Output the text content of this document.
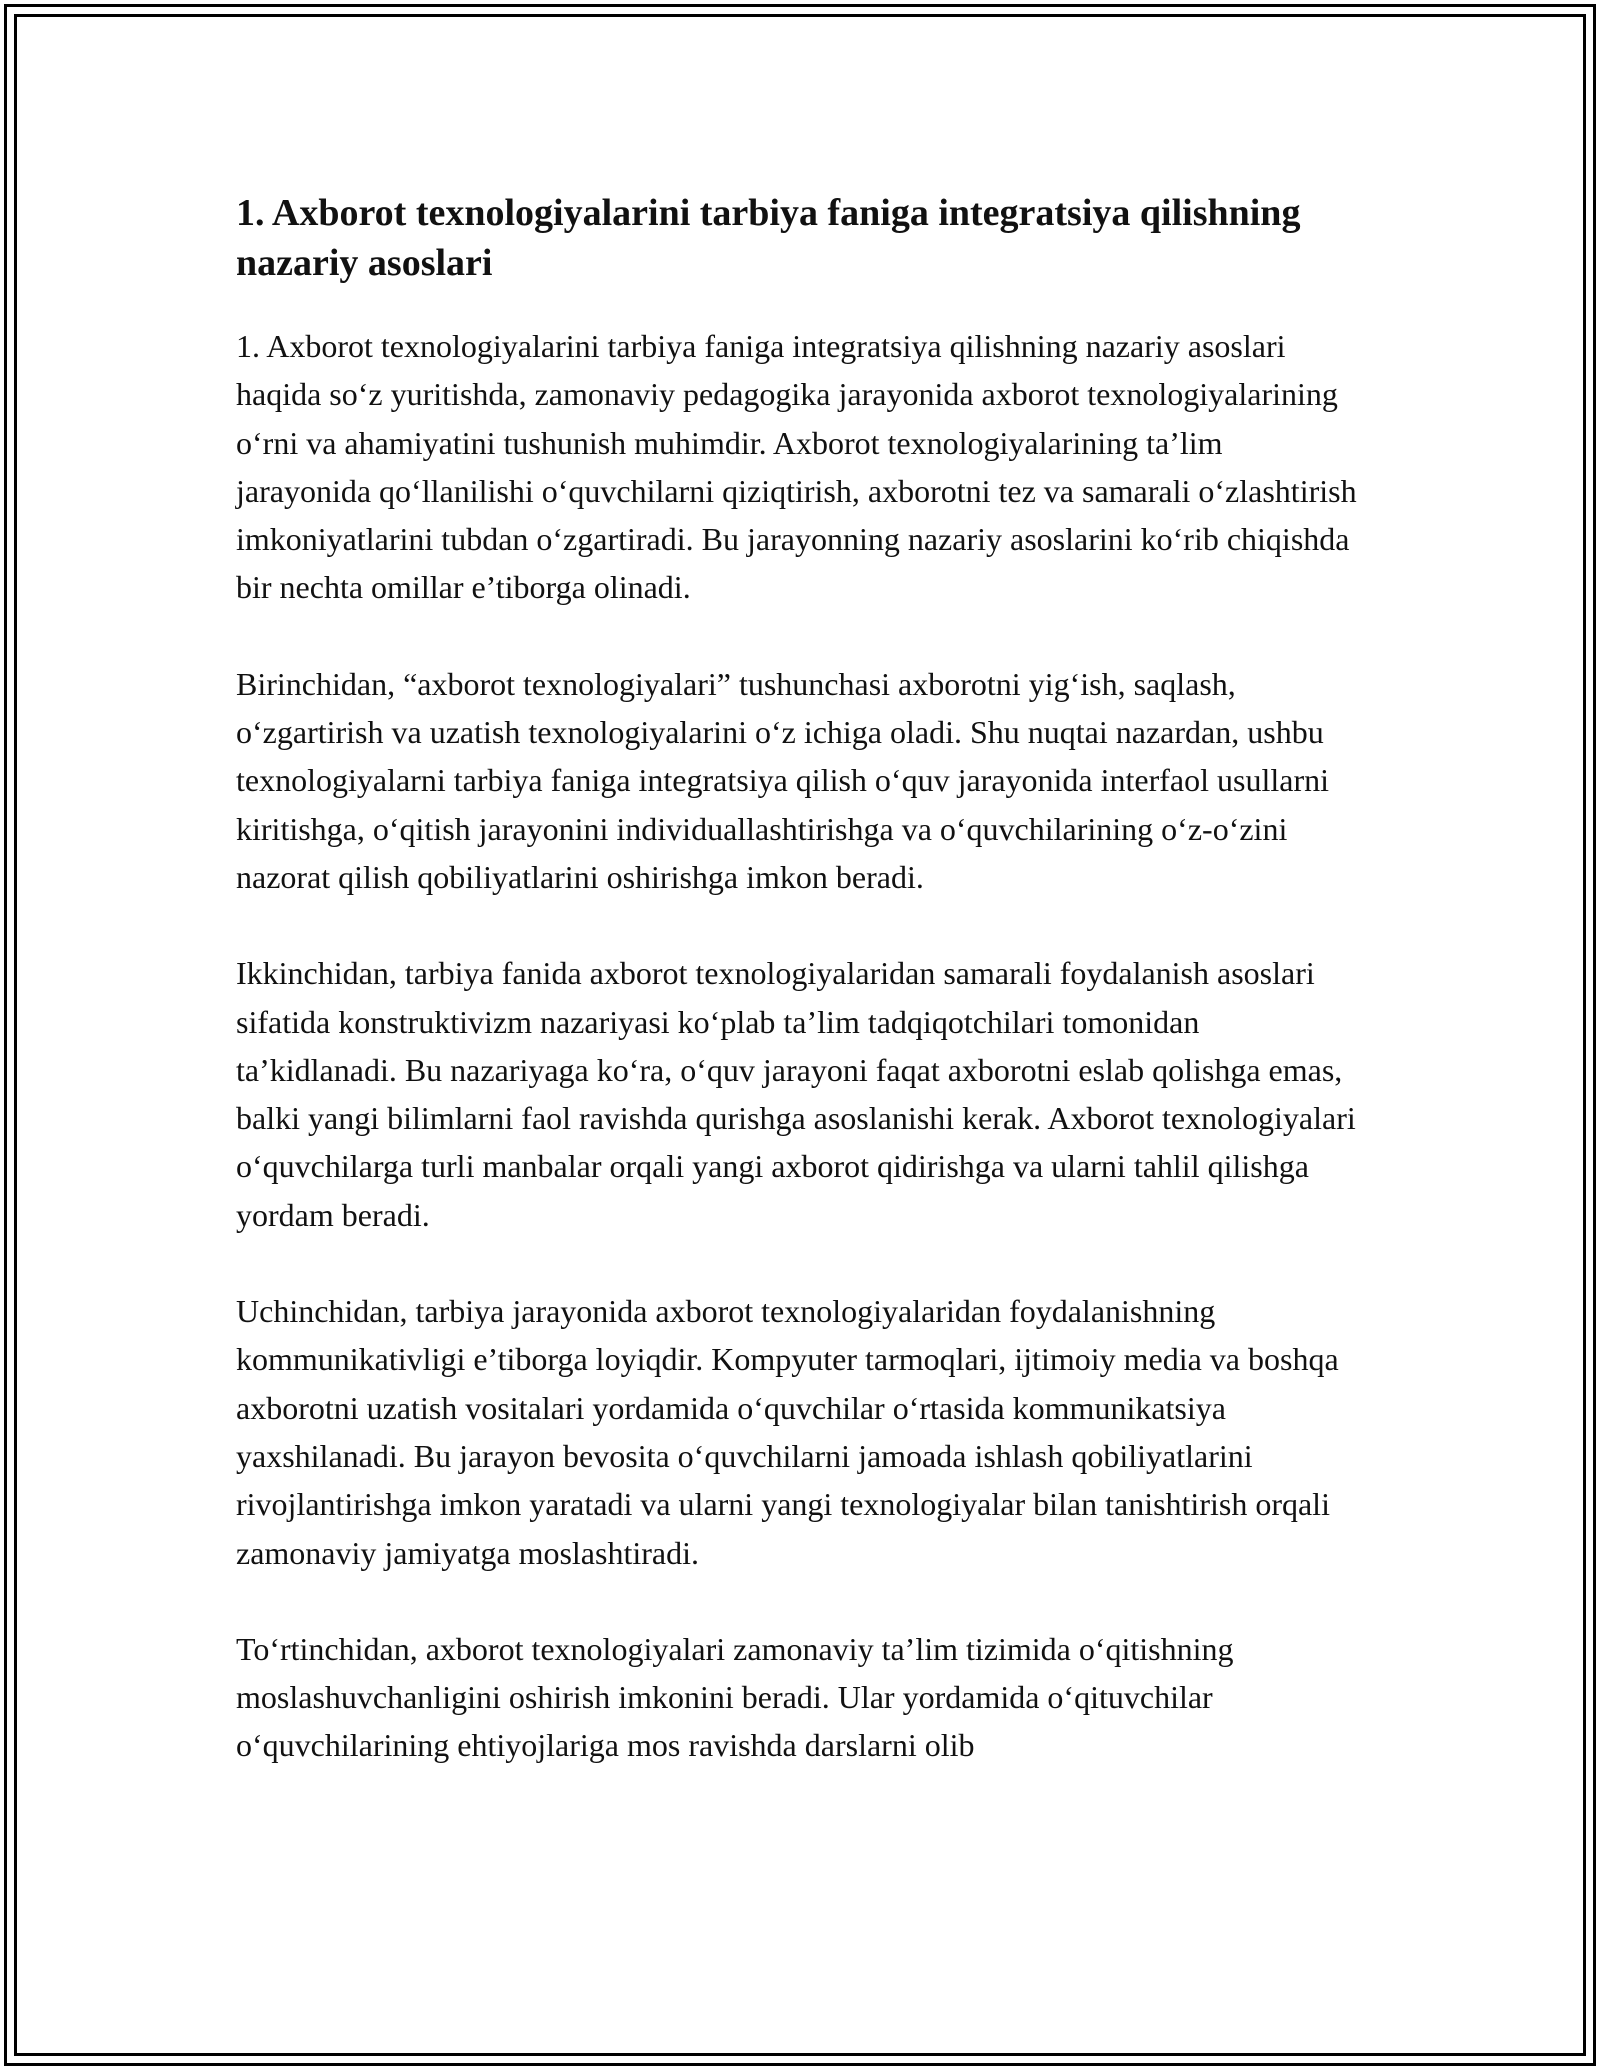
1. Axborot texnologiyalarini tarbiya faniga integratsiya qilishning nazariy asoslari

1. Axborot texnologiyalarini tarbiya faniga integratsiya qilishning nazariy asoslari haqida so‘z yuritishda, zamonaviy pedagogika jarayonida axborot texnologiyalarining o‘rni va ahamiyatini tushunish muhimdir. Axborot texnologiyalarining ta’lim jarayonida qo‘llanilishi o‘quvchilarni qiziqtirish, axborotni tez va samarali o‘zlashtirish imkoniyatlarini tubdan o‘zgartiradi. Bu jarayonning nazariy asoslarini ko‘rib chiqishda bir nechta omillar e’tiborga olinadi.

Birinchidan, “axborot texnologiyalari” tushunchasi axborotni yig‘ish, saqlash, o‘zgartirish va uzatish texnologiyalarini o‘z ichiga oladi. Shu nuqtai nazardan, ushbu texnologiyalarni tarbiya faniga integratsiya qilish o‘quv jarayonida interfaol usullarni kiritishga, o‘qitish jarayonini individuallashtirishga va o‘quvchilarining o‘z-o‘zini nazorat qilish qobiliyatlarini oshirishga imkon beradi.

Ikkinchidan, tarbiya fanida axborot texnologiyalaridan samarali foydalanish asoslari sifatida konstruktivizm nazariyasi ko‘plab ta’lim tadqiqotchilari tomonidan ta’kidlanadi. Bu nazariyaga ko‘ra, o‘quv jarayoni faqat axborotni eslab qolishga emas, balki yangi bilimlarni faol ravishda qurishga asoslanishi kerak. Axborot texnologiyalari o‘quvchilarga turli manbalar orqali yangi axborot qidirishga va ularni tahlil qilishga yordam beradi.

Uchinchidan, tarbiya jarayonida axborot texnologiyalaridan foydalanishning kommunikativligi e’tiborga loyiqdir. Kompyuter tarmoqlari, ijtimoiy media va boshqa axborotni uzatish vositalari yordamida o‘quvchilar o‘rtasida kommunikatsiya yaxshilanadi. Bu jarayon bevosita o‘quvchilarni jamoada ishlash qobiliyatlarini rivojlantirishga imkon yaratadi va ularni yangi texnologiyalar bilan tanishtirish orqali zamonaviy jamiyatga moslashtiradi.

To‘rtinchidan, axborot texnologiyalari zamonaviy ta’lim tizimida o‘qitishning moslashuvchanligini oshirish imkonini beradi. Ular yordamida o‘qituvchilar o‘quvchilarining ehtiyojlariga mos ravishda darslarni olib
